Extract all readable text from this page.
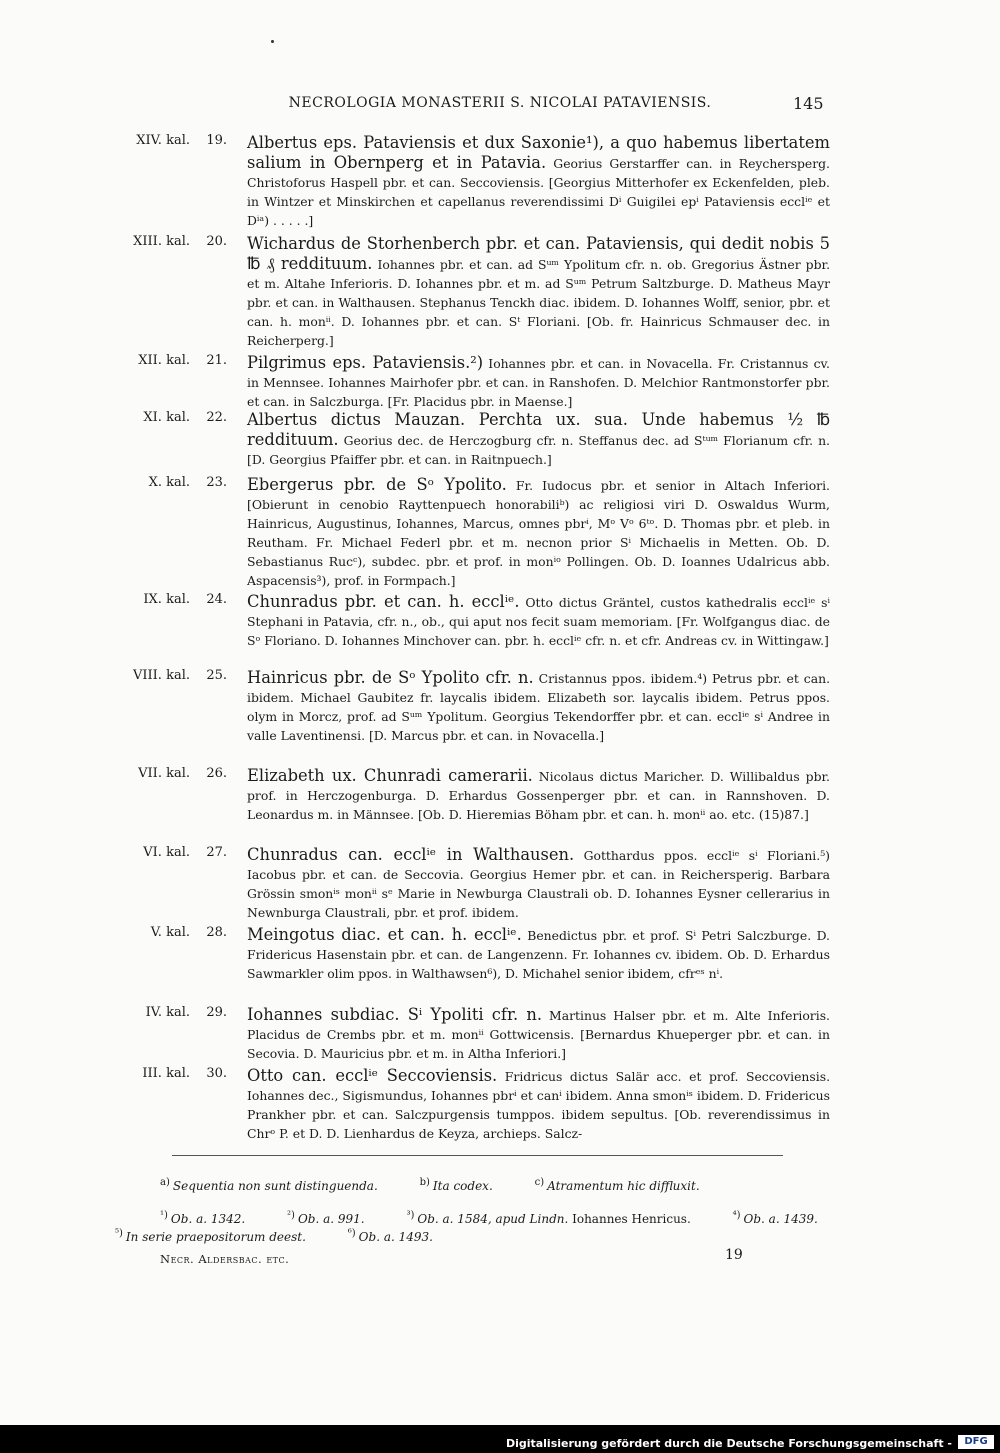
NECROLOGIA MONASTERII S. NICOLAI PATAVIENSIS.	145
XIV. kal.	19. Albertus eps. Pataviensis et dux Saxonie¹), a quo habemus libertatem salium in Obernperg et in Patavia. Georius Gerstarffer can. in Reychersperg. Christoforus Haspell pbr. et can. Seccoviensis. [Georgius Mitterhofer ex Eckenfelden, pleb. in Wintzer et Minskirchen et capellanus reverendissimi Dⁱ Guigilei epⁱ Pataviensis ecclⁱᵉ et Dⁱᵃ) . . . . .]
XIII. kal.	20. Wichardus de Storhenberch pbr. et can. Pataviensis, qui dedit nobis 5 ℔ ₰ reddituum. Iohannes pbr. et can. ad Sᵘᵐ Ypolitum cfr. n. ob. Gregorius Ästner pbr. et m. Altahe Inferioris. D. Iohannes pbr. et m. ad Sᵘᵐ Petrum Saltzburge. D. Matheus Mayr pbr. et can. in Walthausen. Stephanus Tenckh diac. ibidem. D. Iohannes Wolff, senior, pbr. et can. h. monⁱⁱ. D. Iohannes pbr. et can. Sᵗ Floriani. [Ob. fr. Hainricus Schmauser dec. in Reicherperg.]
XII. kal.	21. Pilgrimus eps. Pataviensis.²) Iohannes pbr. et can. in Novacella. Fr. Cristannus cv. in Mennsee. Iohannes Mairhofer pbr. et can. in Ranshofen. D. Melchior Rantmonstorfer pbr. et can. in Salczburga. [Fr. Placidus pbr. in Maense.]
XI. kal.	22. Albertus dictus Mauzan. Perchta ux. sua. Unde habemus ½ ℔ reddituum. Georius dec. de Herczogburg cfr. n. Steffanus dec. ad Sᵗᵘᵐ Florianum cfr. n. [D. Georgius Pfaiffer pbr. et can. in Raitnpuech.]
X. kal.	23. Ebergerus pbr. de Sᵒ Ypolito. Fr. Iudocus pbr. et senior in Altach Inferiori. [Obierunt in cenobio Rayttenpuech honorabiliᵇ) ac religiosi viri D. Oswaldus Wurm, Hainricus, Augustinus, Iohannes, Marcus, omnes pbrⁱ, Mᵒ Vᵒ 6ᵗᵒ. D. Thomas pbr. et pleb. in Reutham. Fr. Michael Federl pbr. et m. necnon prior Sⁱ Michaelis in Metten. Ob. D. Sebastianus Rucᶜ), subdec. pbr. et prof. in monⁱᵒ Pollingen. Ob. D. Ioannes Udalricus abb. Aspacensis³), prof. in Formpach.]
IX. kal.	24. Chunradus pbr. et can. h. ecclⁱᵉ. Otto dictus Gräntel, custos kathedralis ecclⁱᵉ sⁱ Stephani in Patavia, cfr. n., ob., qui aput nos fecit suam memoriam. [Fr. Wolfgangus diac. de Sᵒ Floriano. D. Iohannes Minchover can. pbr. h. ecclⁱᵉ cfr. n. et cfr. Andreas cv. in Wittingaw.]
VIII. kal.	25. Hainricus pbr. de Sᵒ Ypolito cfr. n. Cristannus ppos. ibidem.⁴) Petrus pbr. et can. ibidem. Michael Gaubitez fr. laycalis ibidem. Elizabeth sor. laycalis ibidem. Petrus ppos. olym in Morcz, prof. ad Sᵘᵐ Ypolitum. Georgius Tekendorffer pbr. et can. ecclⁱᵉ sⁱ Andree in valle Laventinensi. [D. Marcus pbr. et can. in Novacella.]
VII. kal.	26. Elizabeth ux. Chunradi camerarii. Nicolaus dictus Maricher. D. Willibaldus pbr. prof. in Herczogenburga. D. Erhardus Gossenperger pbr. et can. in Rannshoven. D. Leonardus m. in Männsee. [Ob. D. Hieremias Böham pbr. et can. h. monⁱⁱ ao. etc. (15)87.]
VI. kal.	27. Chunradus can. ecclⁱᵉ in Walthausen. Gotthardus ppos. ecclⁱᵉ sⁱ Floriani.⁵) Iacobus pbr. et can. de Seccovia. Georgius Hemer pbr. et can. in Reichersperig. Barbara Grössin smonⁱˢ monⁱⁱ sᵉ Marie in Newburga Claustrali ob. D. Iohannes Eysner cellerarius in Newnburga Claustrali, pbr. et prof. ibidem.
V. kal.	28. Meingotus diac. et can. h. ecclⁱᵉ. Benedictus pbr. et prof. Sⁱ Petri Salczburge. D. Fridericus Hasenstain pbr. et can. de Langenzenn. Fr. Iohannes cv. ibidem. Ob. D. Erhardus Sawmarkler olim ppos. in Walthawsen⁶), D. Michahel senior ibidem, cfrᵉˢ nⁱ.
IV. kal.	29. Iohannes subdiac. Sⁱ Ypoliti cfr. n. Martinus Halser pbr. et m. Alte Inferioris. Placidus de Crembs pbr. et m. monⁱⁱ Gottwicensis. [Bernardus Khueperger pbr. et can. in Secovia. D. Mauricius pbr. et m. in Altha Inferiori.]
III. kal.	30. Otto can. ecclⁱᵉ Seccoviensis. Fridricus dictus Salär acc. et prof. Seccoviensis. Iohannes dec., Sigismundus, Iohannes pbrⁱ et canⁱ ibidem. Anna smonⁱˢ ibidem. D. Fridericus Prankher pbr. et can. Salczpurgensis tumppos. ibidem sepultus. [Ob. reverendissimus in Chrᵒ P. et D. D. Lienhardus de Keyza, archieps. Salcz-
$^{a)}$ Sequentia non sunt distinguenda.	$^{b)}$ Ita codex.	$^{c)}$ Atramentum hic diffluxit.
$^{^1)}$ Ob. a. 1342.	$^{^2)}$ Ob. a. 991.	$^{^3)}$ Ob. a. 1584, apud Lindn. Iohannes Henricus.	$^{^4)}$ Ob. a. 1439.
$^{^5)}$ In serie praepositorum deest.	$^{^6)}$ Ob. a. 1493.
Necr. Aldersbac. etc.	19
Digitalisierung gefördert durch die Deutsche Forschungsgemeinschaft -	DFG
